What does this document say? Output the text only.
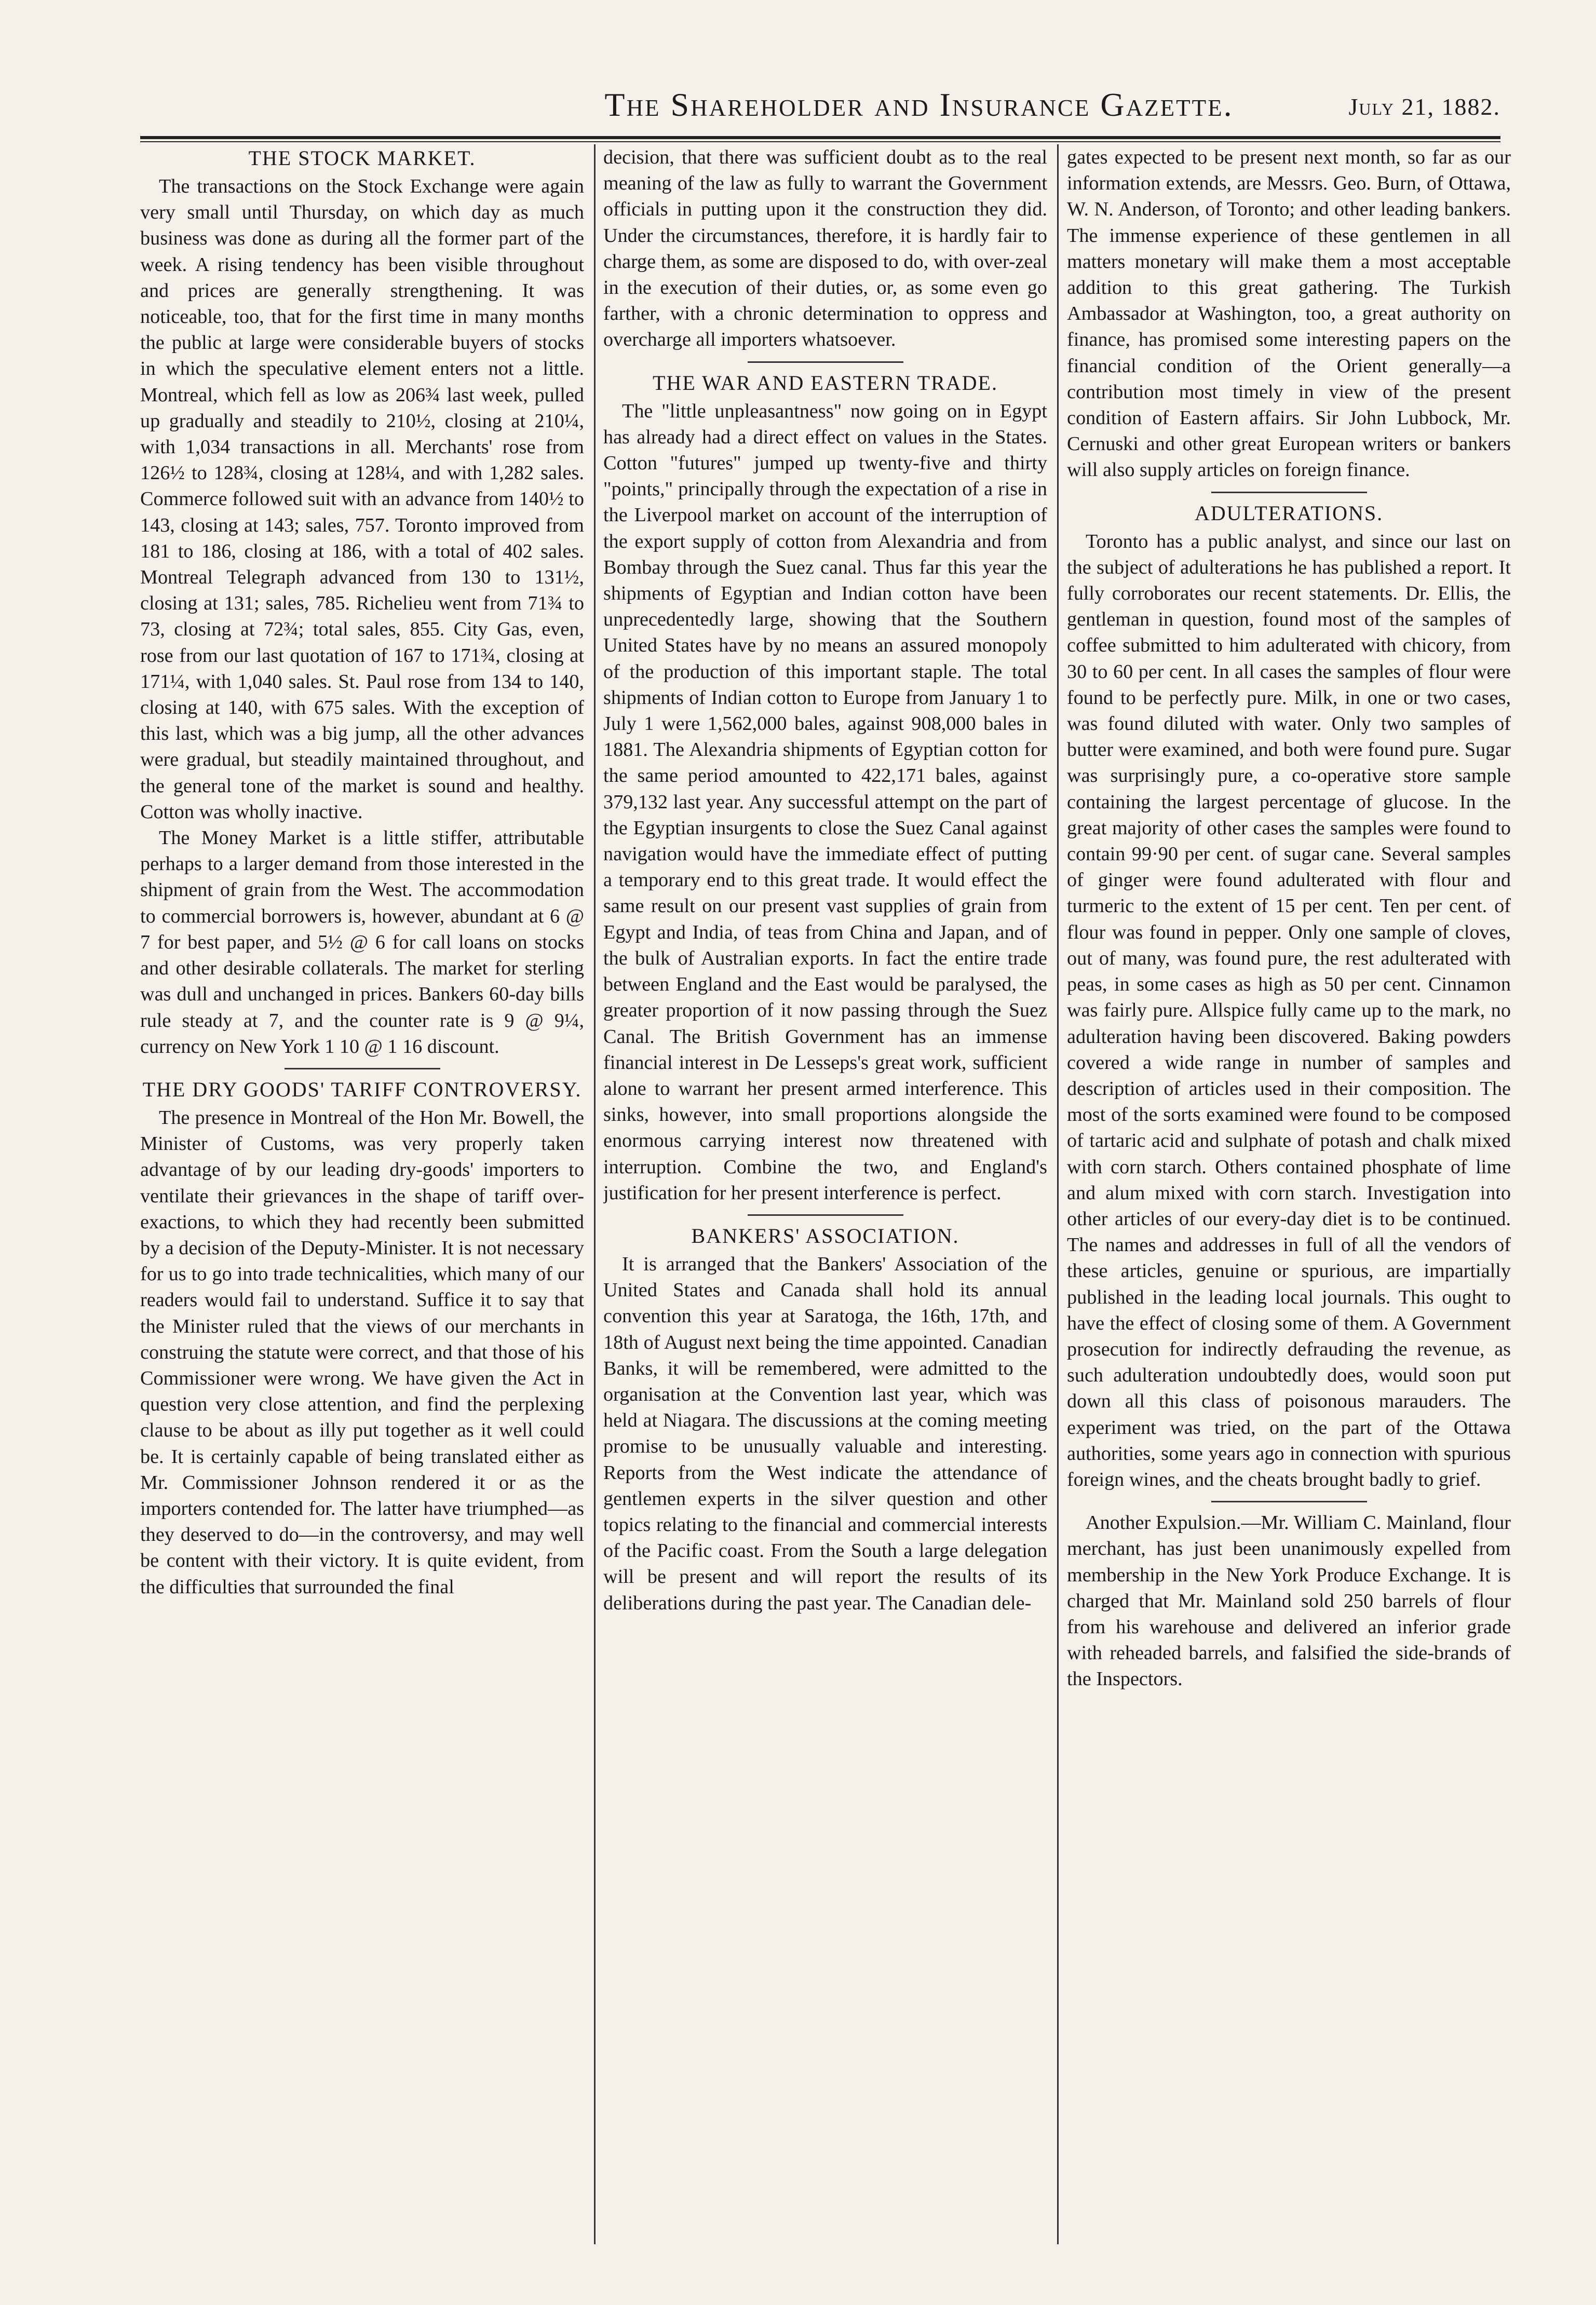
The Shareholder and Insurance Gazette.	July 21, 1882.
THE STOCK MARKET.

The transactions on the Stock Exchange were again very small until Thursday, on which day as much business was done as during all the former part of the week. A rising tendency has been visible throughout and prices are generally strengthening. It was noticeable, too, that for the first time in many months the public at large were considerable buyers of stocks in which the speculative element enters not a little. Montreal, which fell as low as 206¾ last week, pulled up gradually and steadily to 210½, closing at 210¼, with 1,034 transactions in all. Merchants' rose from 126½ to 128¾, closing at 128¼, and with 1,282 sales. Commerce followed suit with an advance from 140½ to 143, closing at 143; sales, 757. Toronto improved from 181 to 186, closing at 186, with a total of 402 sales. Montreal Telegraph advanced from 130 to 131½, closing at 131; sales, 785. Richelieu went from 71¾ to 73, closing at 72¾; total sales, 855. City Gas, even, rose from our last quotation of 167 to 171¾, closing at 171¼, with 1,040 sales. St. Paul rose from 134 to 140, closing at 140, with 675 sales. With the exception of this last, which was a big jump, all the other advances were gradual, but steadily maintained throughout, and the general tone of the market is sound and healthy. Cotton was wholly inactive.

The Money Market is a little stiffer, attributable perhaps to a larger demand from those interested in the shipment of grain from the West. The accommodation to commercial borrowers is, however, abundant at 6 @ 7 for best paper, and 5½ @ 6 for call loans on stocks and other desirable collaterals. The market for sterling was dull and unchanged in prices. Bankers 60-day bills rule steady at 7, and the counter rate is 9 @ 9¼, currency on New York 1 10 @ 1 16 discount.

THE DRY GOODS' TARIFF CONTROVERSY.

The presence in Montreal of the Hon Mr. Bowell, the Minister of Customs, was very properly taken advantage of by our leading dry-goods' importers to ventilate their grievances in the shape of tariff over-exactions, to which they had recently been submitted by a decision of the Deputy-Minister. It is not necessary for us to go into trade technicalities, which many of our readers would fail to understand. Suffice it to say that the Minister ruled that the views of our merchants in construing the statute were correct, and that those of his Commissioner were wrong. We have given the Act in question very close attention, and find the perplexing clause to be about as illy put together as it well could be. It is certainly capable of being translated either as Mr. Commissioner Johnson rendered it or as the importers contended for. The latter have triumphed—as they deserved to do—in the controversy, and may well be content with their victory. It is quite evident, from the difficulties that surrounded the final

decision, that there was sufficient doubt as to the real meaning of the law as fully to warrant the Government officials in putting upon it the construction they did. Under the circumstances, therefore, it is hardly fair to charge them, as some are disposed to do, with over-zeal in the execution of their duties, or, as some even go farther, with a chronic determination to oppress and overcharge all importers whatsoever.

THE WAR AND EASTERN TRADE.

The "little unpleasantness" now going on in Egypt has already had a direct effect on values in the States. Cotton "futures" jumped up twenty-five and thirty "points," principally through the expectation of a rise in the Liverpool market on account of the interruption of the export supply of cotton from Alexandria and from Bombay through the Suez canal. Thus far this year the shipments of Egyptian and Indian cotton have been unprecedentedly large, showing that the Southern United States have by no means an assured monopoly of the production of this important staple. The total shipments of Indian cotton to Europe from January 1 to July 1 were 1,562,000 bales, against 908,000 bales in 1881. The Alexandria shipments of Egyptian cotton for the same period amounted to 422,171 bales, against 379,132 last year. Any successful attempt on the part of the Egyptian insurgents to close the Suez Canal against navigation would have the immediate effect of putting a temporary end to this great trade. It would effect the same result on our present vast supplies of grain from Egypt and India, of teas from China and Japan, and of the bulk of Australian exports. In fact the entire trade between England and the East would be paralysed, the greater proportion of it now passing through the Suez Canal. The British Government has an immense financial interest in De Lesseps's great work, sufficient alone to warrant her present armed interference. This sinks, however, into small proportions alongside the enormous carrying interest now threatened with interruption. Combine the two, and England's justification for her present interference is perfect.

BANKERS' ASSOCIATION.

It is arranged that the Bankers' Association of the United States and Canada shall hold its annual convention this year at Saratoga, the 16th, 17th, and 18th of August next being the time appointed. Canadian Banks, it will be remembered, were admitted to the organisation at the Convention last year, which was held at Niagara. The discussions at the coming meeting promise to be unusually valuable and interesting. Reports from the West indicate the attendance of gentlemen experts in the silver question and other topics relating to the financial and commercial interests of the Pacific coast. From the South a large delegation will be present and will report the results of its deliberations during the past year. The Canadian dele-

gates expected to be present next month, so far as our information extends, are Messrs. Geo. Burn, of Ottawa, W. N. Anderson, of Toronto; and other leading bankers. The immense experience of these gentlemen in all matters monetary will make them a most acceptable addition to this great gathering. The Turkish Ambassador at Washington, too, a great authority on finance, has promised some interesting papers on the financial condition of the Orient generally—a contribution most timely in view of the present condition of Eastern affairs. Sir John Lubbock, Mr. Cernuski and other great European writers or bankers will also supply articles on foreign finance.

ADULTERATIONS.

Toronto has a public analyst, and since our last on the subject of adulterations he has published a report. It fully corroborates our recent statements. Dr. Ellis, the gentleman in question, found most of the samples of coffee submitted to him adulterated with chicory, from 30 to 60 per cent. In all cases the samples of flour were found to be perfectly pure. Milk, in one or two cases, was found diluted with water. Only two samples of butter were examined, and both were found pure. Sugar was surprisingly pure, a co-operative store sample containing the largest percentage of glucose. In the great majority of other cases the samples were found to contain 99·90 per cent. of sugar cane. Several samples of ginger were found adulterated with flour and turmeric to the extent of 15 per cent. Ten per cent. of flour was found in pepper. Only one sample of cloves, out of many, was found pure, the rest adulterated with peas, in some cases as high as 50 per cent. Cinnamon was fairly pure. Allspice fully came up to the mark, no adulteration having been discovered. Baking powders covered a wide range in number of samples and description of articles used in their composition. The most of the sorts examined were found to be composed of tartaric acid and sulphate of potash and chalk mixed with corn starch. Others contained phosphate of lime and alum mixed with corn starch. Investigation into other articles of our every-day diet is to be continued. The names and addresses in full of all the vendors of these articles, genuine or spurious, are impartially published in the leading local journals. This ought to have the effect of closing some of them. A Government prosecution for indirectly defrauding the revenue, as such adulteration undoubtedly does, would soon put down all this class of poisonous marauders. The experiment was tried, on the part of the Ottawa authorities, some years ago in connection with spurious foreign wines, and the cheats brought badly to grief.

Another Expulsion.—Mr. William C. Mainland, flour merchant, has just been unanimously expelled from membership in the New York Produce Exchange. It is charged that Mr. Mainland sold 250 barrels of flour from his warehouse and delivered an inferior grade with reheaded barrels, and falsified the side-brands of the Inspectors.
